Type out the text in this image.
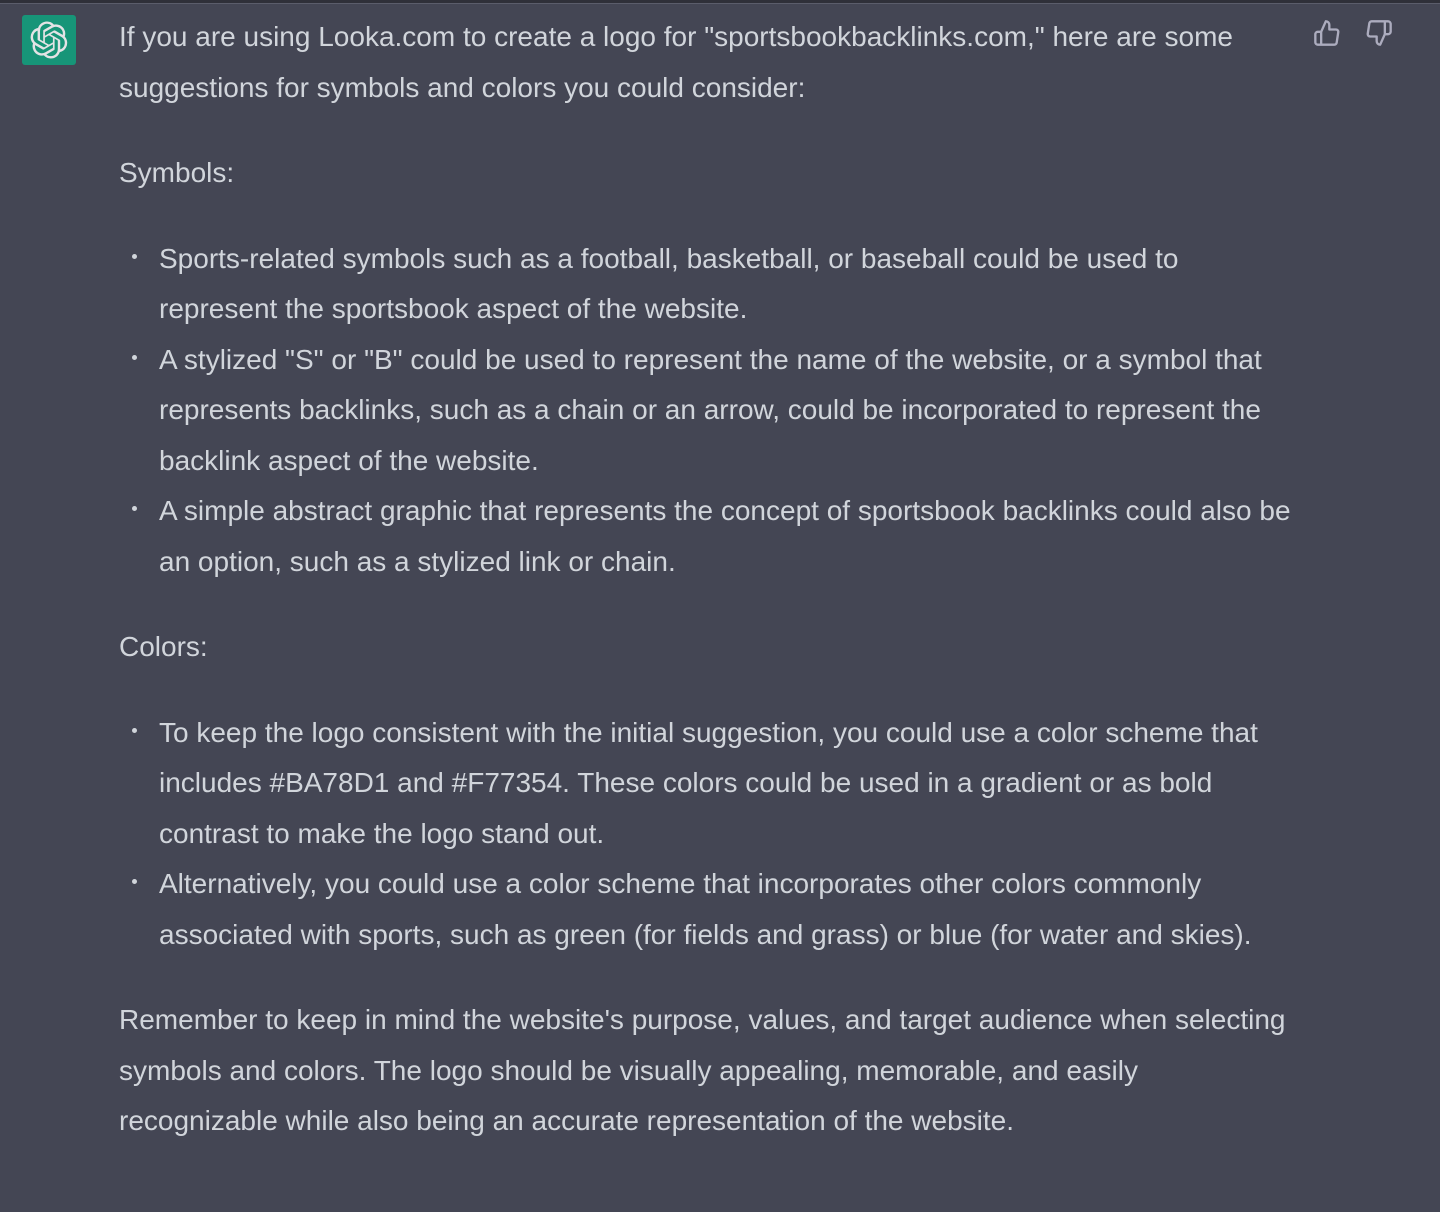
If you are using Looka.com to create a logo for "sportsbookbacklinks.com," here are some suggestions for symbols and colors you could consider:

Symbols:

Sports-related symbols such as a football, basketball, or baseball could be used to represent the sportsbook aspect of the website.
A stylized "S" or "B" could be used to represent the name of the website, or a symbol that represents backlinks, such as a chain or an arrow, could be incorporated to represent the backlink aspect of the website.
A simple abstract graphic that represents the concept of sportsbook backlinks could also be an option, such as a stylized link or chain.

Colors:

To keep the logo consistent with the initial suggestion, you could use a color scheme that includes #BA78D1 and #F77354. These colors could be used in a gradient or as bold contrast to make the logo stand out.
Alternatively, you could use a color scheme that incorporates other colors commonly associated with sports, such as green (for fields and grass) or blue (for water and skies).

Remember to keep in mind the website's purpose, values, and target audience when selecting symbols and colors. The logo should be visually appealing, memorable, and easily recognizable while also being an accurate representation of the website.
